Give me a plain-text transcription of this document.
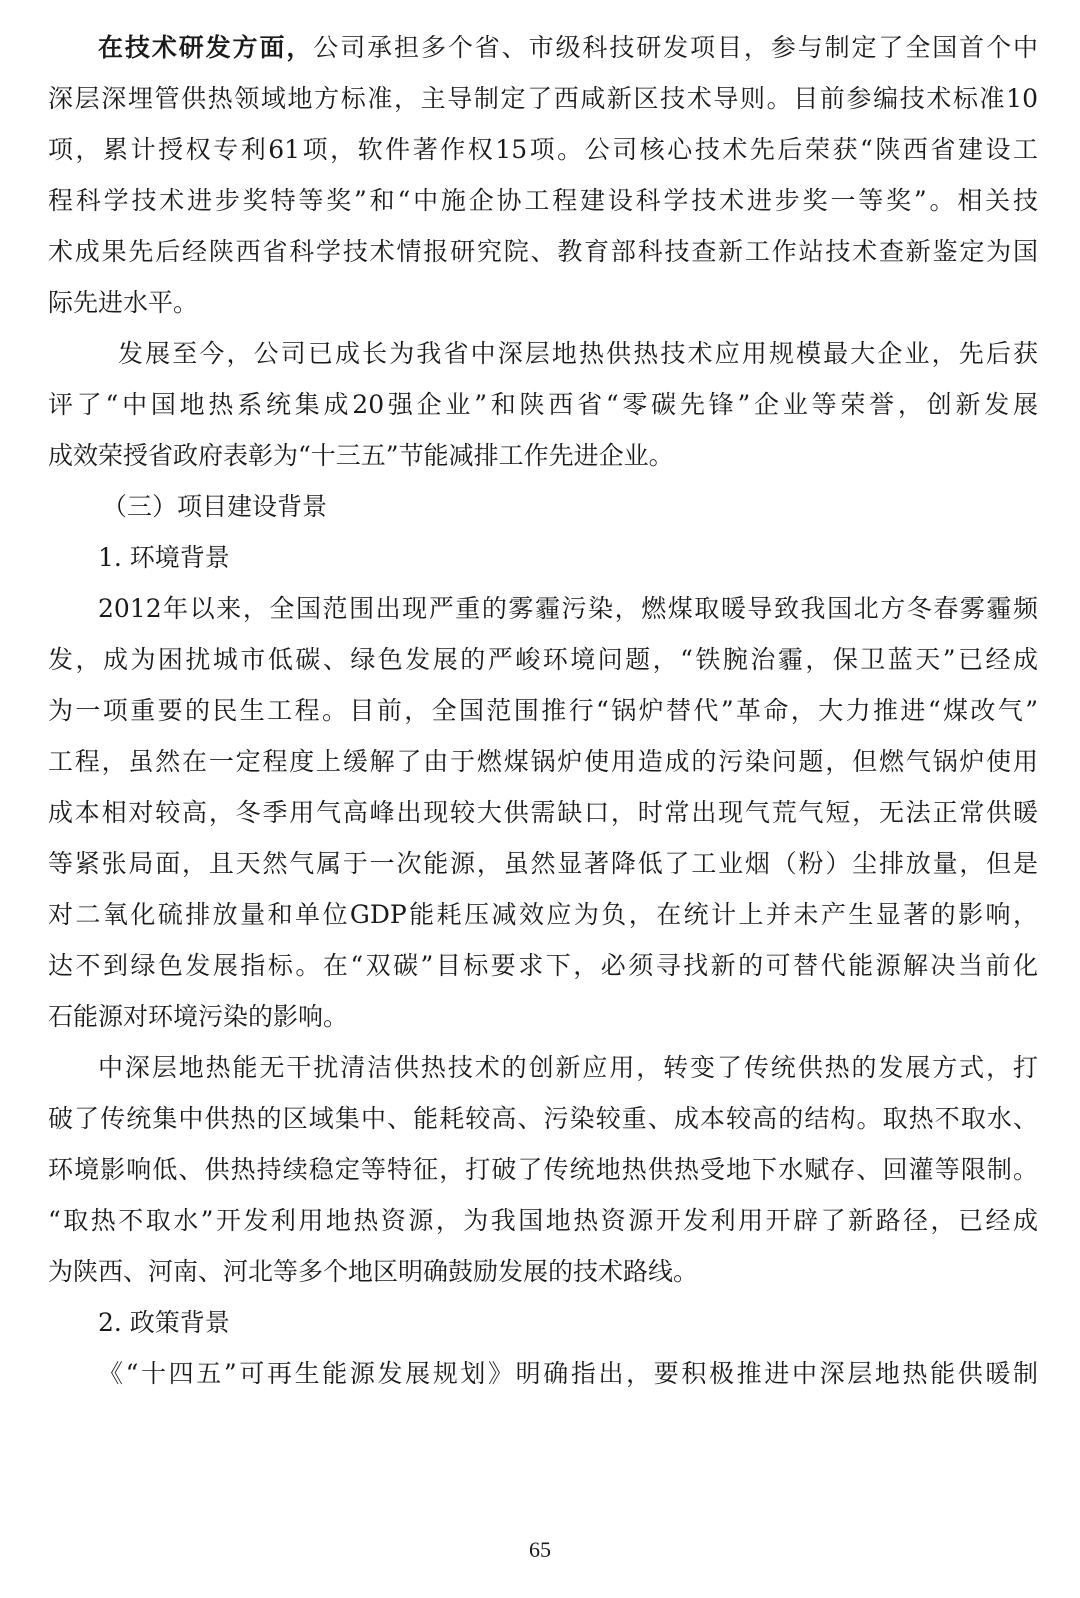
在技术研发方面，公司承担多个省、市级科技研发项目，参与制定了全国首个中
深层深埋管供热领域地方标准，主导制定了西咸新区技术导则。目前参编技术标准10
项，累计授权专利61项，软件著作权15项。公司核心技术先后荣获“陕西省建设工
程科学技术进步奖特等奖”和“中施企协工程建设科学技术进步奖一等奖”。相关技
术成果先后经陕西省科学技术情报研究院、教育部科技查新工作站技术查新鉴定为国
际先进水平。
发展至今，公司已成长为我省中深层地热供热技术应用规模最大企业，先后获
评了“中国地热系统集成20强企业”和陕西省“零碳先锋”企业等荣誉，创新发展
成效荣授省政府表彰为“十三五”节能减排工作先进企业。
（三）项目建设背景
1. 环境背景
2012年以来，全国范围出现严重的雾霾污染，燃煤取暖导致我国北方冬春雾霾频
发，成为困扰城市低碳、绿色发展的严峻环境问题，“铁腕治霾，保卫蓝天”已经成
为一项重要的民生工程。目前，全国范围推行“锅炉替代”革命，大力推进“煤改气”
工程，虽然在一定程度上缓解了由于燃煤锅炉使用造成的污染问题，但燃气锅炉使用
成本相对较高，冬季用气高峰出现较大供需缺口，时常出现气荒气短，无法正常供暖
等紧张局面，且天然气属于一次能源，虽然显著降低了工业烟（粉）尘排放量，但是
对二氧化硫排放量和单位GDP能耗压减效应为负，在统计上并未产生显著的影响，
达不到绿色发展指标。在“双碳”目标要求下，必须寻找新的可替代能源解决当前化
石能源对环境污染的影响。
中深层地热能无干扰清洁供热技术的创新应用，转变了传统供热的发展方式，打
破了传统集中供热的区域集中、能耗较高、污染较重、成本较高的结构。取热不取水、
环境影响低、供热持续稳定等特征，打破了传统地热供热受地下水赋存、回灌等限制。
“取热不取水”开发利用地热资源，为我国地热资源开发利用开辟了新路径，已经成
为陕西、河南、河北等多个地区明确鼓励发展的技术路线。
2. 政策背景
《“十四五”可再生能源发展规划》明确指出，要积极推进中深层地热能供暖制
65
